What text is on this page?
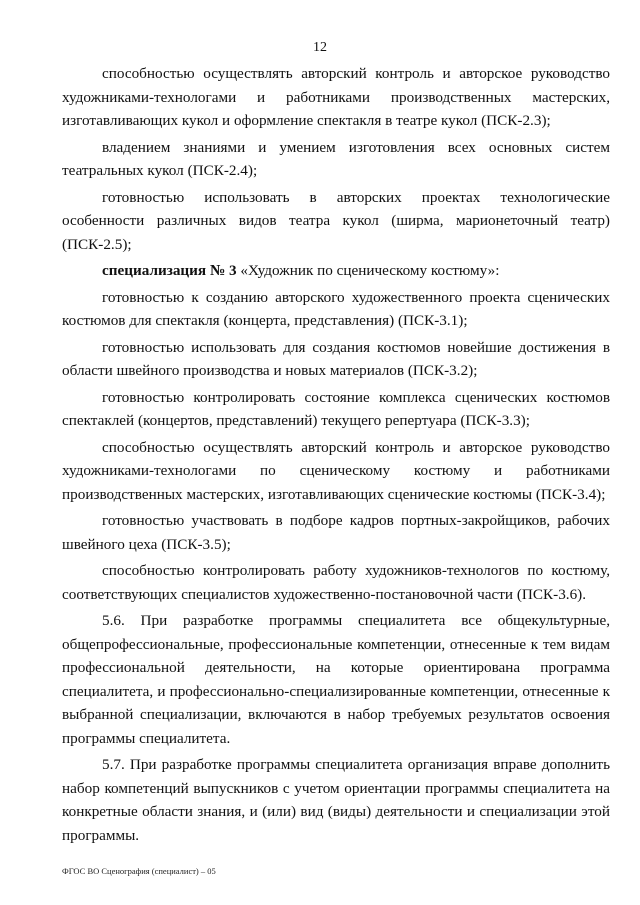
12

способностью осуществлять авторский контроль и авторское руководство художниками-технологами и работниками производственных мастерских, изготавливающих кукол и оформление спектакля в театре кукол (ПСК-2.3);

владением знаниями и умением изготовления всех основных систем театральных кукол (ПСК-2.4);

готовностью использовать в авторских проектах технологические особенности различных видов театра кукол (ширма, марионеточный театр) (ПСК-2.5);

специализация № 3 «Художник по сценическому костюму»:

готовностью к созданию авторского художественного проекта сценических костюмов для спектакля (концерта, представления) (ПСК-3.1);

готовностью использовать для создания костюмов новейшие достижения в области швейного производства и новых материалов (ПСК-3.2);

готовностью контролировать состояние комплекса сценических костюмов спектаклей (концертов, представлений) текущего репертуара (ПСК-3.3);

способностью осуществлять авторский контроль и авторское руководство художниками-технологами по сценическому костюму и работниками производственных мастерских, изготавливающих сценические костюмы (ПСК-3.4);

готовностью участвовать в подборе кадров портных-закройщиков, рабочих швейного цеха (ПСК-3.5);

способностью контролировать работу художников-технологов по костюму, соответствующих специалистов художественно-постановочной части (ПСК-3.6).

5.6. При разработке программы специалитета все общекультурные, общепрофессиональные, профессиональные компетенции, отнесенные к тем видам профессиональной деятельности, на которые ориентирована программа специалитета, и профессионально-специализированные компетенции, отнесенные к выбранной специализации, включаются в набор требуемых результатов освоения программы специалитета.

5.7. При разработке программы специалитета организация вправе дополнить набор компетенций выпускников с учетом ориентации программы специалитета на конкретные области знания, и (или) вид (виды) деятельности и специализации этой программы.

ФГОС ВО Сценография (специалист) – 05
